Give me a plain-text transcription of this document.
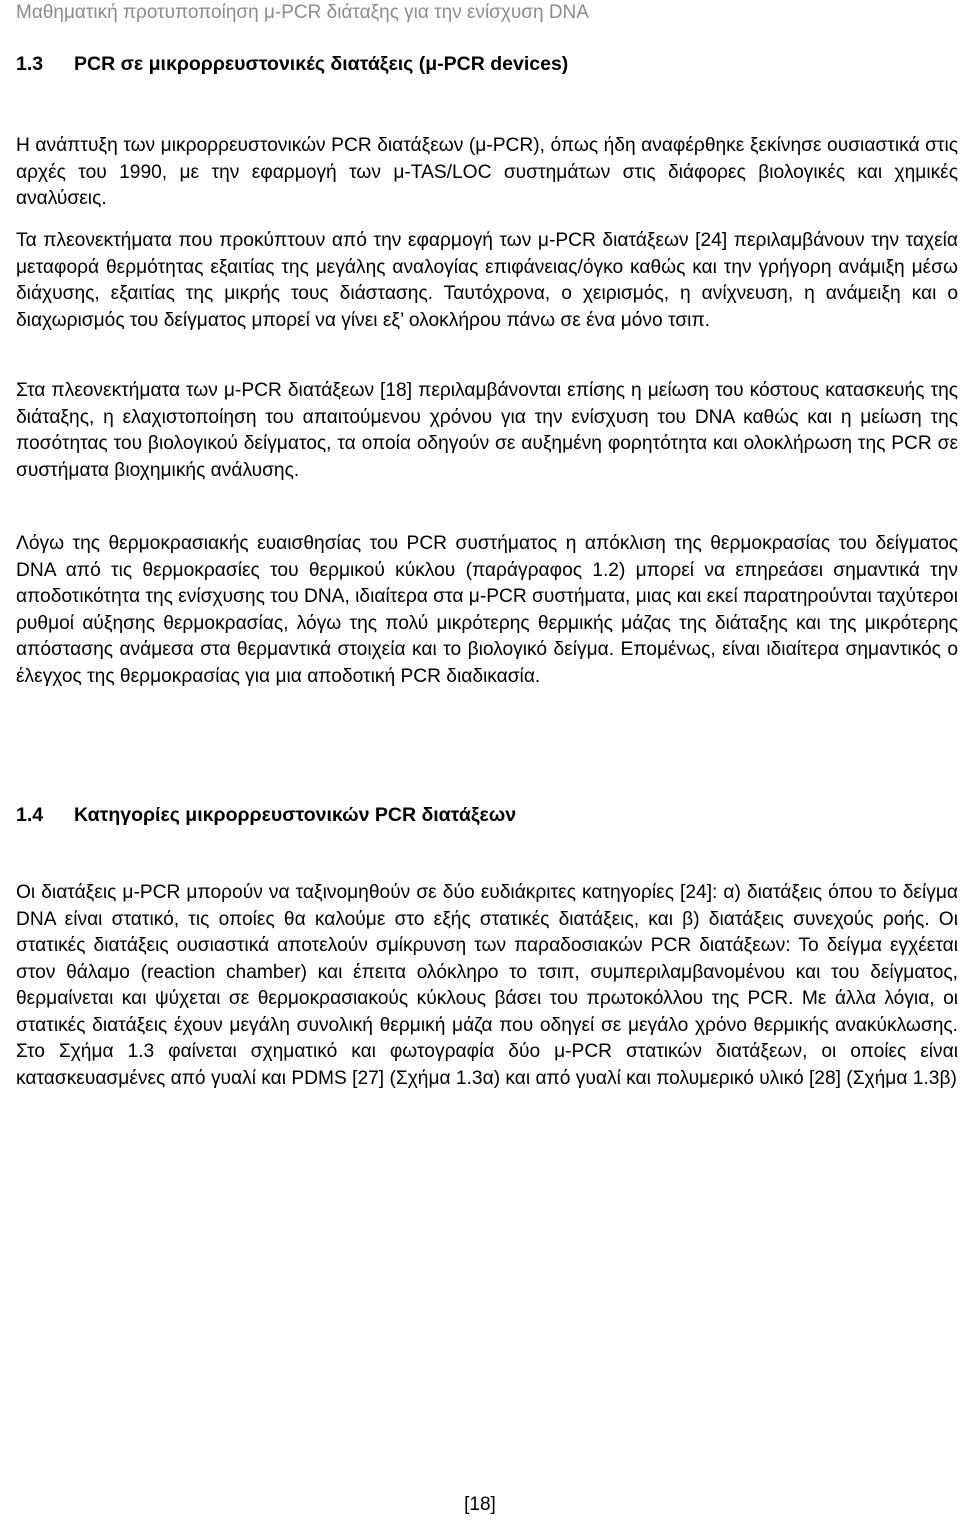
Μαθηματική προτυποποίηση μ-PCR διάταξης για την ενίσχυση DNA
1.3 PCR σε μικρορρευστονικές διατάξεις (μ-PCR devices)

Η ανάπτυξη των μικρορρευστονικών PCR διατάξεων (μ-PCR), όπως ήδη αναφέρθηκε ξεκίνησε ουσιαστικά στις αρχές του 1990, με την εφαρμογή των μ-TAS/LOC συστημάτων στις διάφορες βιολογικές και χημικές αναλύσεις.

Τα πλεονεκτήματα που προκύπτουν από την εφαρμογή των μ-PCR διατάξεων [24] περιλαμβάνουν την ταχεία μεταφορά θερμότητας εξαιτίας της μεγάλης αναλογίας επιφάνειας/όγκο καθώς και την γρήγορη ανάμιξη μέσω διάχυσης, εξαιτίας της μικρής τους διάστασης. Ταυτόχρονα, ο χειρισμός, η ανίχνευση, η ανάμειξη και ο διαχωρισμός του δείγματος μπορεί να γίνει εξ’ ολοκλήρου πάνω σε ένα μόνο τσιπ.

Στα πλεονεκτήματα των μ-PCR διατάξεων [18] περιλαμβάνονται επίσης η μείωση του κόστους κατασκευής της διάταξης, η ελαχιστοποίηση του απαιτούμενου χρόνου για την ενίσχυση του DNA καθώς και η μείωση της ποσότητας του βιολογικού δείγματος, τα οποία οδηγούν σε αυξημένη φορητότητα και ολοκλήρωση της PCR σε συστήματα βιοχημικής ανάλυσης.

Λόγω της θερμοκρασιακής ευαισθησίας του PCR συστήματος η απόκλιση της θερμοκρασίας του δείγματος DNA από τις θερμοκρασίες του θερμικού κύκλου (παράγραφος 1.2) μπορεί να επηρεάσει σημαντικά την αποδοτικότητα της ενίσχυσης του DNA, ιδιαίτερα στα μ-PCR συστήματα, μιας και εκεί παρατηρούνται ταχύτεροι ρυθμοί αύξησης θερμοκρασίας, λόγω της πολύ μικρότερης θερμικής μάζας της διάταξης και της μικρότερης απόστασης ανάμεσα στα θερμαντικά στοιχεία και το βιολογικό δείγμα. Επομένως, είναι ιδιαίτερα σημαντικός ο έλεγχος της θερμοκρασίας για μια αποδοτική PCR διαδικασία.

1.4 Κατηγορίες μικρορρευστονικών PCR διατάξεων

Οι διατάξεις μ-PCR μπορούν να ταξινομηθούν σε δύο ευδιάκριτες κατηγορίες [24]: α) διατάξεις όπου το δείγμα DNA είναι στατικό, τις οποίες θα καλούμε στο εξής στατικές διατάξεις, και β) διατάξεις συνεχούς ροής. Οι στατικές διατάξεις ουσιαστικά αποτελούν σμίκρυνση των παραδοσιακών PCR διατάξεων: Το δείγμα εγχέεται στον θάλαμο (reaction chamber) και έπειτα ολόκληρο το τσιπ, συμπεριλαμβανομένου και του δείγματος, θερμαίνεται και ψύχεται σε θερμοκρασιακούς κύκλους βάσει του πρωτοκόλλου της PCR. Με άλλα λόγια, οι στατικές διατάξεις έχουν μεγάλη συνολική θερμική μάζα που οδηγεί σε μεγάλο χρόνο θερμικής ανακύκλωσης. Στο Σχήμα 1.3 φαίνεται σχηματικό και φωτογραφία δύο μ-PCR στατικών διατάξεων, οι οποίες είναι κατασκευασμένες από γυαλί και PDMS [27] (Σχήμα 1.3α) και από γυαλί και πολυμερικό υλικό [28] (Σχήμα 1.3β)

[18]
